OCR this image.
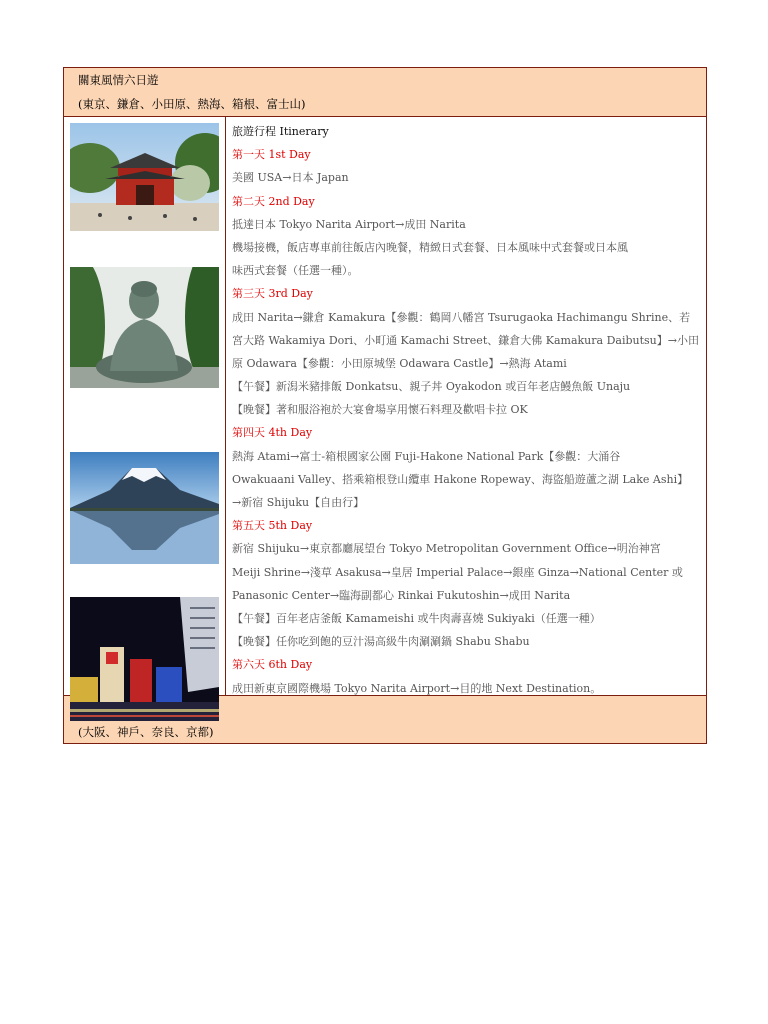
關東風情六日遊
(東京、鎌倉、小田原、熱海、箱根、富士山)
旅遊行程 Itinerary
第一天 1st Day
美國 USA→日本 Japan
第二天 2nd Day
抵達日本 Tokyo Narita Airport→成田 Narita
機場接機，飯店專車前往飯店內晚餐，精緻日式套餐、日本風味中式套餐或日本風
味西式套餐（任選一種）。
第三天 3rd Day
成田 Narita→鎌倉 Kamakura【參觀：鶴岡八幡宮 Tsurugaoka Hachimangu Shrine、若
宮大路 Wakamiya Dori、小町通 Kamachi Street、鎌倉大佛 Kamakura Daibutsu】→小田
原 Odawara【參觀：小田原城堡 Odawara Castle】→熱海 Atami
【午餐】新潟米豬排飯 Donkatsu、親子丼 Oyakodon 或百年老店鰻魚飯 Unaju
【晚餐】著和服浴袍於大宴會場享用懷石料理及歡唱卡拉 OK
第四天 4th Day
熱海 Atami→富士-箱根國家公園 Fuji-Hakone National Park【參觀：大涌谷
Owakuaani Valley、搭乘箱根登山纜車 Hakone Ropeway、海盜船遊蘆之湖 Lake Ashi】
→新宿 Shijuku【自由行】
第五天 5th Day
新宿 Shijuku→東京都廳展望台 Tokyo Metropolitan Government Office→明治神宮
Meiji Shrine→淺草 Asakusa→皇居 Imperial Palace→銀座 Ginza→National Center 或
Panasonic Center→臨海副都心 Rinkai Fukutoshin→成田 Narita
【午餐】百年老店釜飯 Kamameishi 或牛肉壽喜燒 Sukiyaki（任選一種）
【晚餐】任你吃到飽的豆汁湯高級牛肉涮涮鍋 Shabu Shabu
第六天 6th Day
成田新東京國際機場 Tokyo Narita Airport→目的地 Next Destination。
(大阪、神戶、奈良、京都)
